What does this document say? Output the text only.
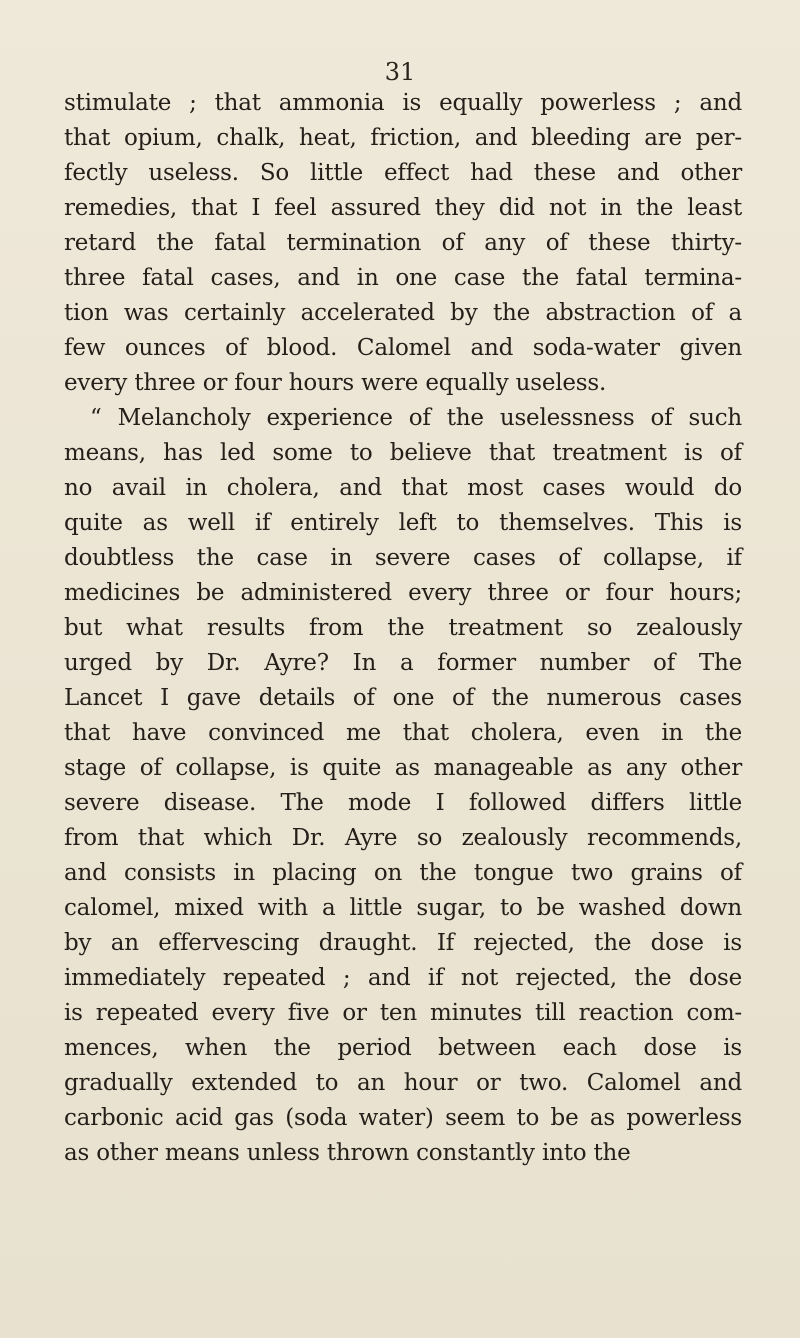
31
stimulate ; that ammonia is equally powerless ; and
that opium, chalk, heat, friction, and bleeding are per-
fectly useless. So little effect had these and other
remedies, that I feel assured they did not in the least
retard the fatal termination of any of these thirty-
three fatal cases, and in one case the fatal termina-
tion was certainly accelerated by the abstraction of a
few ounces of blood. Calomel and soda-water given
every three or four hours were equally useless.
“ Melancholy experience of the uselessness of such
means, has led some to believe that treatment is of
no avail in cholera, and that most cases would do
quite as well if entirely left to themselves. This is
doubtless the case in severe cases of collapse, if
medicines be administered every three or four hours;
but what results from the treatment so zealously
urged by Dr. Ayre? In a former number of The
Lancet I gave details of one of the numerous cases
that have convinced me that cholera, even in the
stage of collapse, is quite as manageable as any other
severe disease. The mode I followed differs little
from that which Dr. Ayre so zealously recommends,
and consists in placing on the tongue two grains of
calomel, mixed with a little sugar, to be washed down
by an effervescing draught. If rejected, the dose is
immediately repeated ; and if not rejected, the dose
is repeated every five or ten minutes till reaction com-
mences, when the period between each dose is
gradually extended to an hour or two. Calomel and
carbonic acid gas (soda water) seem to be as powerless
as other means unless thrown constantly into the
